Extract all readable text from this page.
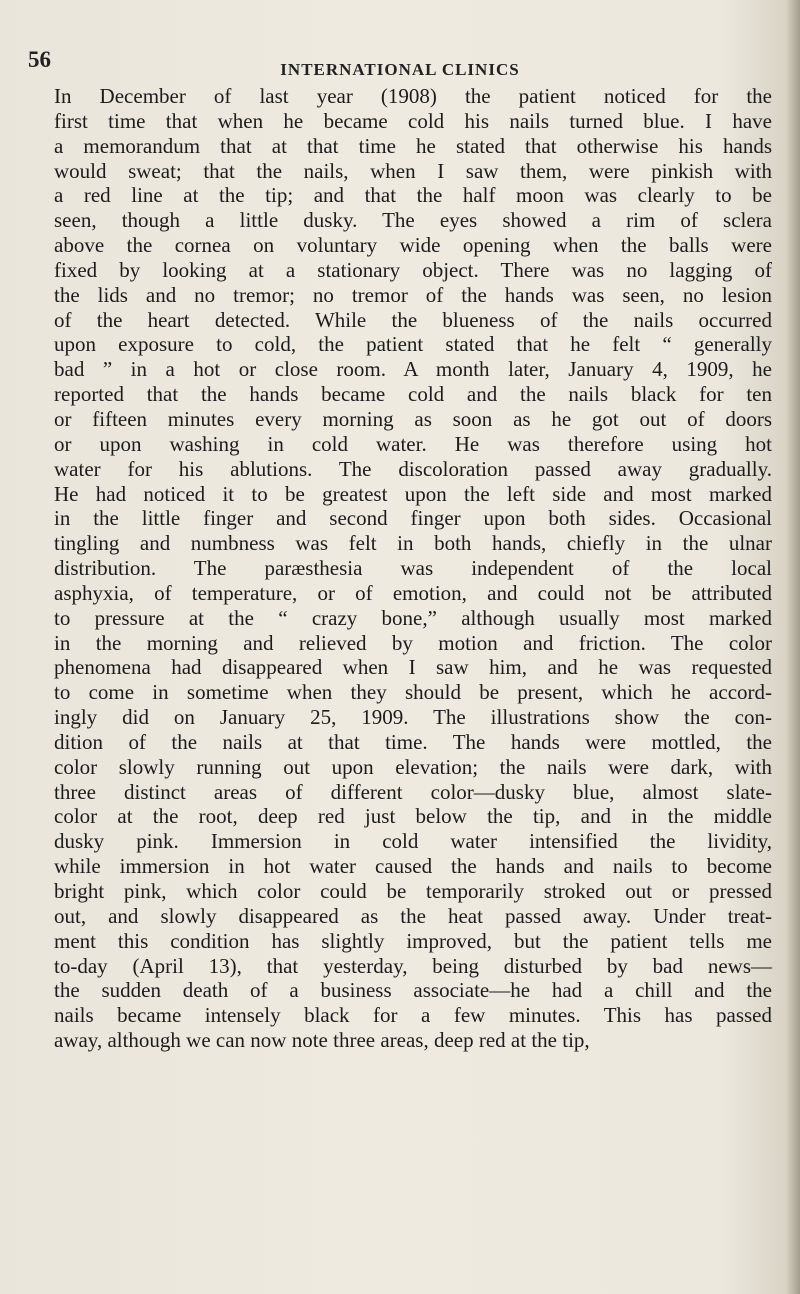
56	INTERNATIONAL CLINICS
In December of last year (1908) the patient noticed for the
first time that when he became cold his nails turned blue. I have
a memorandum that at that time he stated that otherwise his hands
would sweat; that the nails, when I saw them, were pinkish with
a red line at the tip; and that the half moon was clearly to be
seen, though a little dusky. The eyes showed a rim of sclera
above the cornea on voluntary wide opening when the balls were
fixed by looking at a stationary object. There was no lagging of
the lids and no tremor; no tremor of the hands was seen, no lesion
of the heart detected. While the blueness of the nails occurred
upon exposure to cold, the patient stated that he felt “ generally
bad ” in a hot or close room. A month later, January 4, 1909, he
reported that the hands became cold and the nails black for ten
or fifteen minutes every morning as soon as he got out of doors
or upon washing in cold water. He was therefore using hot
water for his ablutions. The discoloration passed away gradually.
He had noticed it to be greatest upon the left side and most marked
in the little finger and second finger upon both sides. Occasional
tingling and numbness was felt in both hands, chiefly in the ulnar
distribution. The paræsthesia was independent of the local
asphyxia, of temperature, or of emotion, and could not be attributed
to pressure at the “ crazy bone,” although usually most marked
in the morning and relieved by motion and friction. The color
phenomena had disappeared when I saw him, and he was requested
to come in sometime when they should be present, which he accord-
ingly did on January 25, 1909. The illustrations show the con-
dition of the nails at that time. The hands were mottled, the
color slowly running out upon elevation; the nails were dark, with
three distinct areas of different color—dusky blue, almost slate-
color at the root, deep red just below the tip, and in the middle
dusky pink. Immersion in cold water intensified the lividity,
while immersion in hot water caused the hands and nails to become
bright pink, which color could be temporarily stroked out or pressed
out, and slowly disappeared as the heat passed away. Under treat-
ment this condition has slightly improved, but the patient tells me
to-day (April 13), that yesterday, being disturbed by bad news—
the sudden death of a business associate—he had a chill and the
nails became intensely black for a few minutes. This has passed
away, although we can now note three areas, deep red at the tip,
